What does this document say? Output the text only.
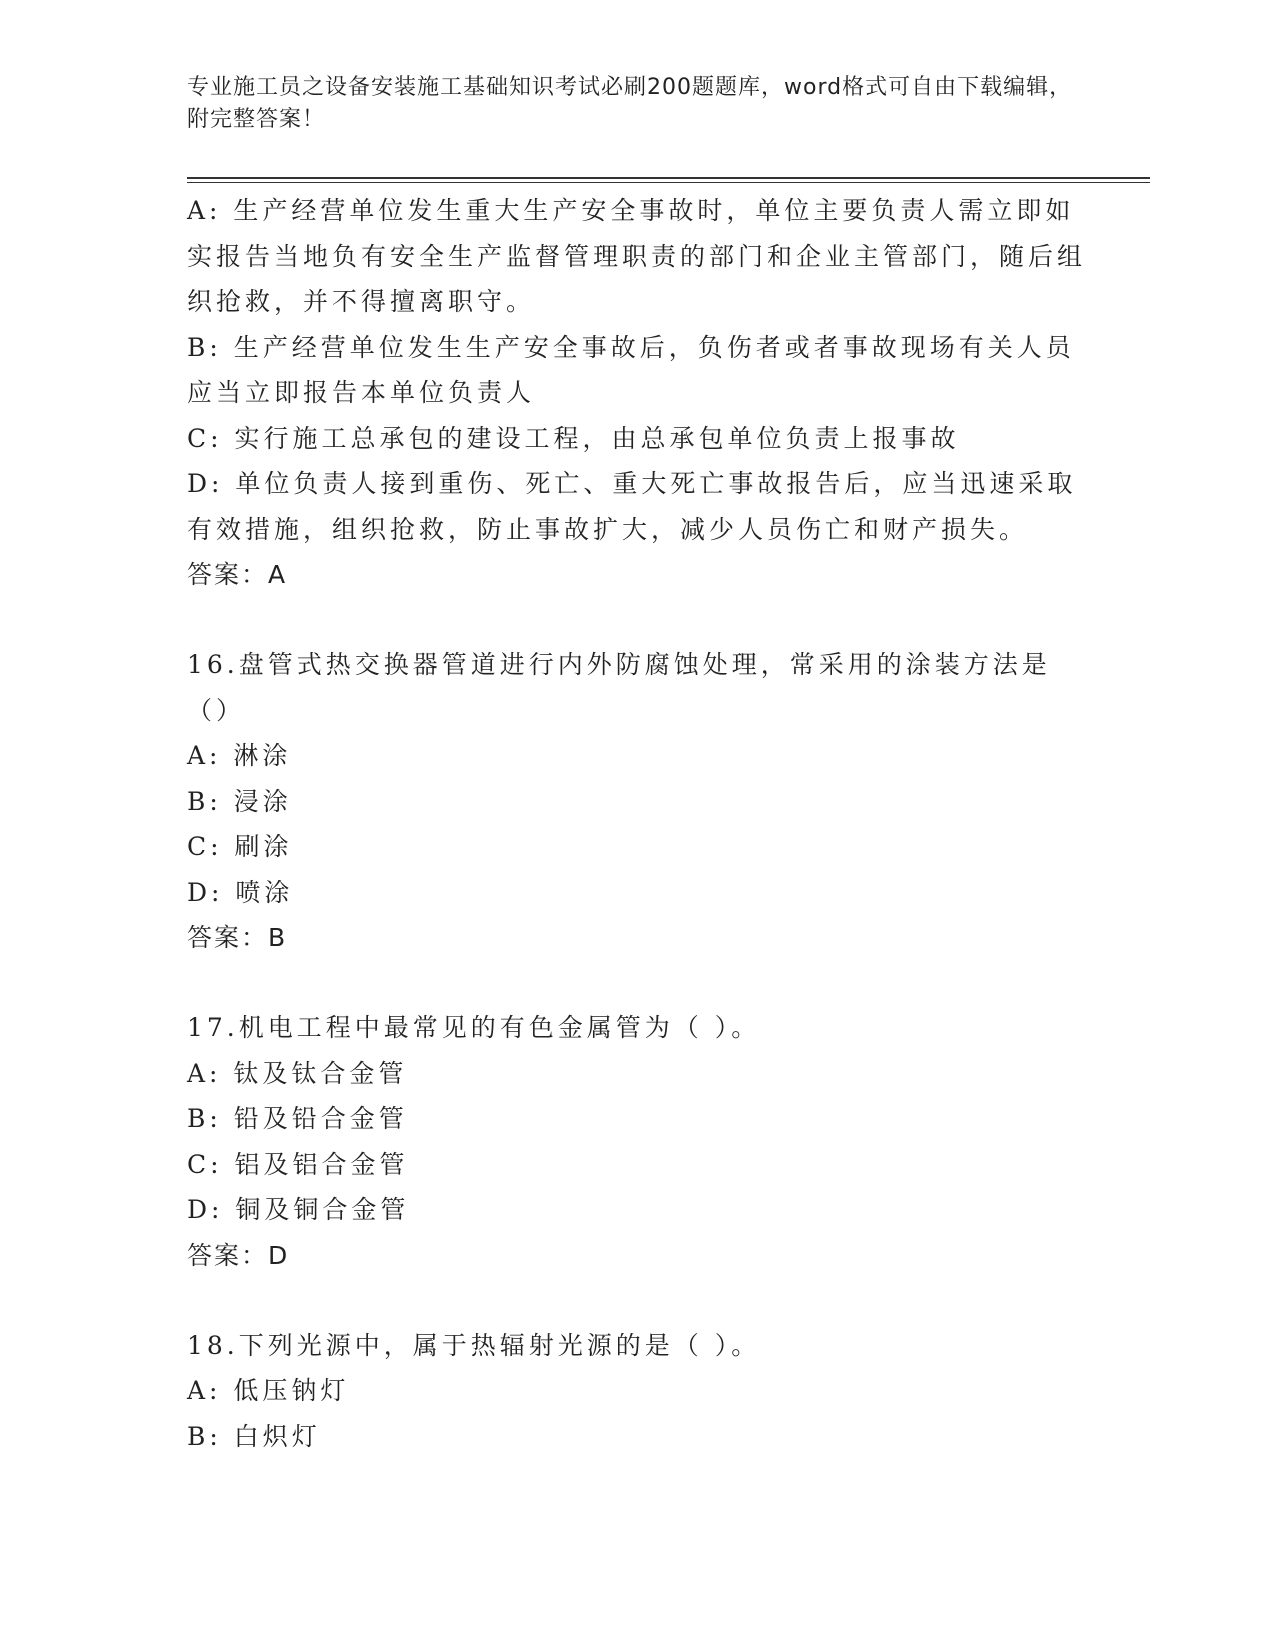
专业施工员之设备安装施工基础知识考试必刷200题题库，word格式可自由下载编辑，附完整答案！

A: 生产经营单位发生重大生产安全事故时，单位主要负责人需立即如实报告当地负有安全生产监督管理职责的部门和企业主管部门，随后组织抢救，并不得擅离职守。

B: 生产经营单位发生生产安全事故后，负伤者或者事故现场有关人员应当立即报告本单位负责人

C: 实行施工总承包的建设工程，由总承包单位负责上报事故

D: 单位负责人接到重伤、死亡、重大死亡事故报告后，应当迅速采取有效措施，组织抢救，防止事故扩大，减少人员伤亡和财产损失。

答案：A

16.盘管式热交换器管道进行内外防腐蚀处理，常采用的涂装方法是（）

A: 淋涂

B: 浸涂

C: 刷涂

D: 喷涂

答案：B

17.机电工程中最常见的有色金属管为（ ）。

A: 钛及钛合金管

B: 铅及铅合金管

C: 铝及铝合金管

D: 铜及铜合金管

答案：D

18.下列光源中，属于热辐射光源的是（ ）。

A: 低压钠灯

B: 白炽灯
